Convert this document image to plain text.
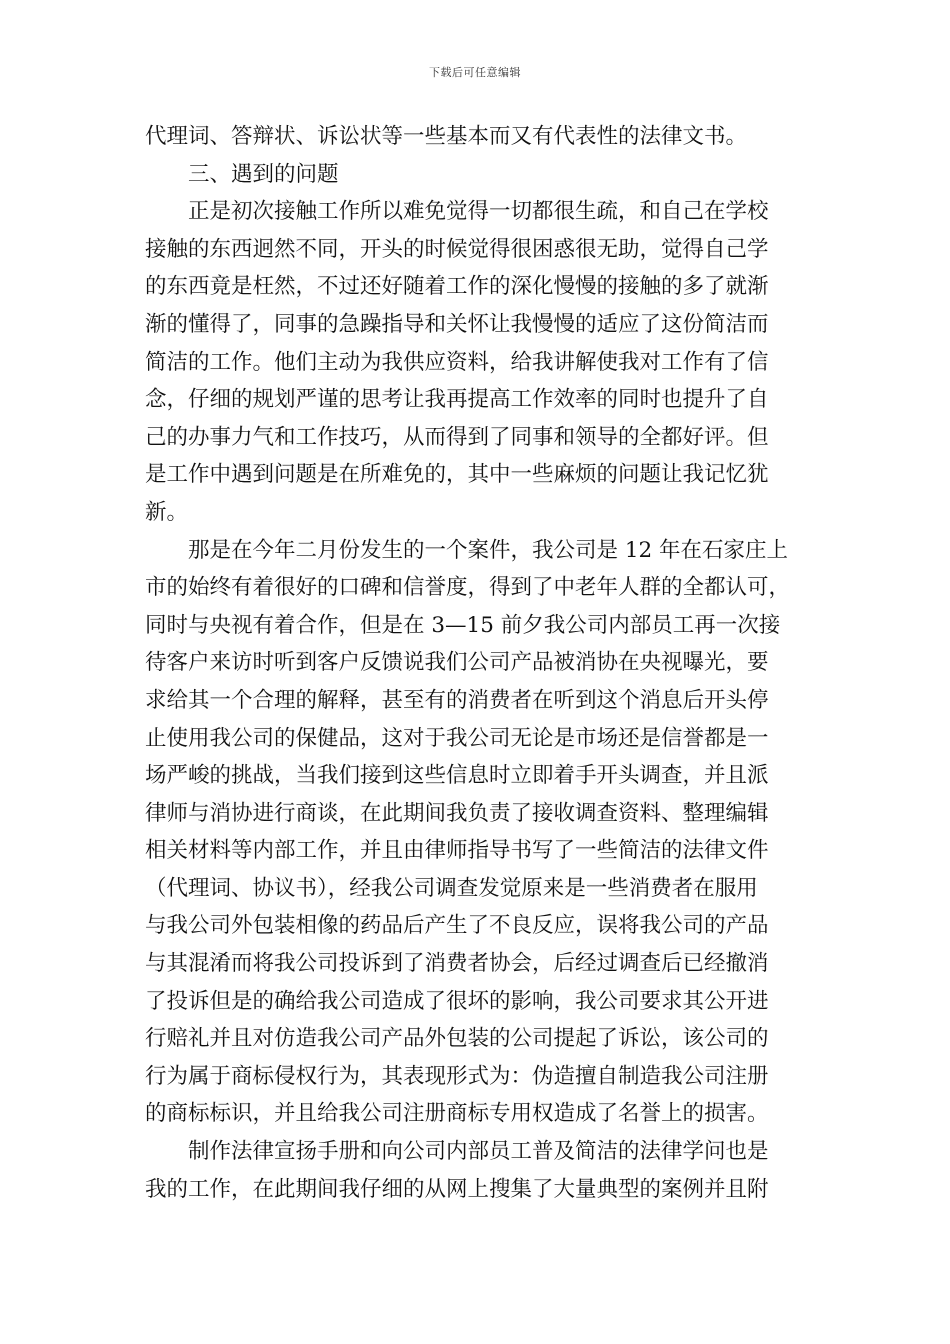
下载后可任意编辑
代理词、答辩状、诉讼状等一些基本而又有代表性的法律文书。
三、遇到的问题
正是初次接触工作所以难免觉得一切都很生疏，和自己在学校
接触的东西迥然不同，开头的时候觉得很困惑很无助，觉得自己学
的东西竟是枉然，不过还好随着工作的深化慢慢的接触的多了就渐
渐的懂得了，同事的急躁指导和关怀让我慢慢的适应了这份简洁而
简洁的工作。他们主动为我供应资料，给我讲解使我对工作有了信
念，仔细的规划严谨的思考让我再提高工作效率的同时也提升了自
己的办事力气和工作技巧，从而得到了同事和领导的全都好评。但
是工作中遇到问题是在所难免的，其中一些麻烦的问题让我记忆犹
新。
那是在今年二月份发生的一个案件，我公司是 12 年在石家庄上
市的始终有着很好的口碑和信誉度，得到了中老年人群的全都认可，
同时与央视有着合作，但是在 3—15 前夕我公司内部员工再一次接
待客户来访时听到客户反馈说我们公司产品被消协在央视曝光，要
求给其一个合理的解释，甚至有的消费者在听到这个消息后开头停
止使用我公司的保健品，这对于我公司无论是市场还是信誉都是一
场严峻的挑战，当我们接到这些信息时立即着手开头调查，并且派
律师与消协进行商谈，在此期间我负责了接收调查资料、整理编辑
相关材料等内部工作，并且由律师指导书写了一些简洁的法律文件
（代理词、协议书），经我公司调查发觉原来是一些消费者在服用
与我公司外包装相像的药品后产生了不良反应，误将我公司的产品
与其混淆而将我公司投诉到了消费者协会，后经过调查后已经撤消
了投诉但是的确给我公司造成了很坏的影响，我公司要求其公开进
行赔礼并且对仿造我公司产品外包装的公司提起了诉讼，该公司的
行为属于商标侵权行为，其表现形式为：伪造擅自制造我公司注册
的商标标识，并且给我公司注册商标专用权造成了名誉上的损害。
制作法律宣扬手册和向公司内部员工普及简洁的法律学问也是
我的工作，在此期间我仔细的从网上搜集了大量典型的案例并且附
